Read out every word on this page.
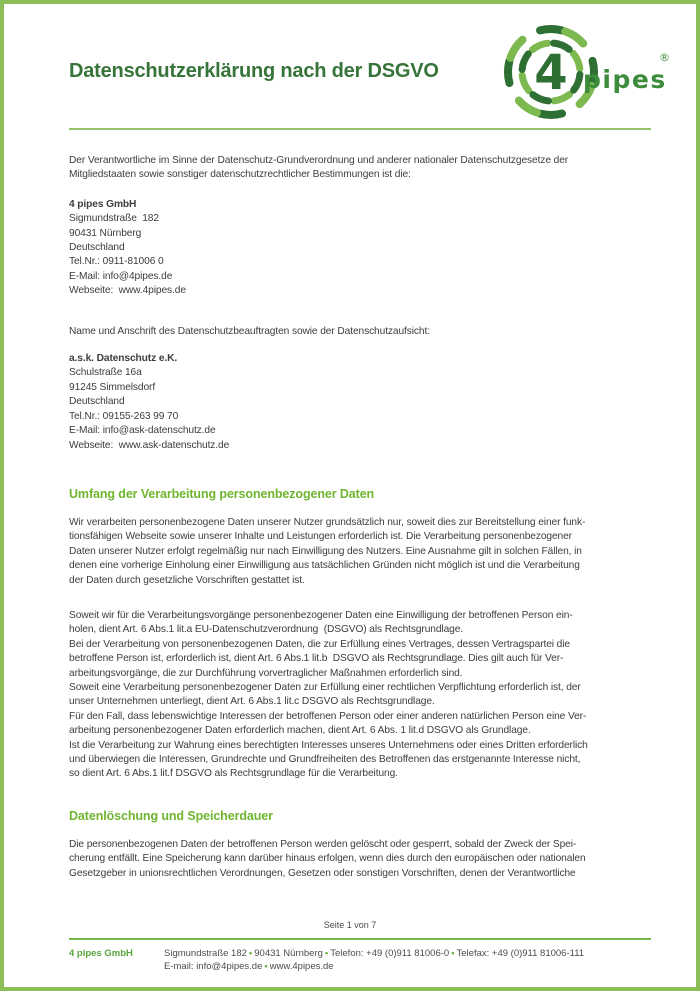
Datenschutzerklärung nach der DSGVO	4 pipes
®
Der Verantwortliche im Sinne der Datenschutz-Grundverordnung und anderer nationaler Datenschutzgesetze der
Mitgliedstaaten sowie sonstiger datenschutzrechtlicher Bestimmungen ist die:
4 pipes GmbH
Sigmundstraße  182
90431 Nürnberg
Deutschland
Tel.Nr.: 0911-81006 0
E-Mail: info@4pipes.de
Webseite:  www.4pipes.de
Name und Anschrift des Datenschutzbeauftragten sowie der Datenschutzaufsicht:
a.s.k. Datenschutz e.K.
Schulstraße 16a
91245 Simmelsdorf
Deutschland
Tel.Nr.: 09155-263 99 70
E-Mail: info@ask-datenschutz.de
Webseite:  www.ask-datenschutz.de
Umfang der Verarbeitung personenbezogener Daten
Wir verarbeiten personenbezogene Daten unserer Nutzer grundsätzlich nur, soweit dies zur Bereitstellung einer funk-
tionsfähigen Webseite sowie unserer Inhalte und Leistungen erforderlich ist. Die Verarbeitung personenbezogener
Daten unserer Nutzer erfolgt regelmäßig nur nach Einwilligung des Nutzers. Eine Ausnahme gilt in solchen Fällen, in
denen eine vorherige Einholung einer Einwilligung aus tatsächlichen Gründen nicht möglich ist und die Verarbeitung
der Daten durch gesetzliche Vorschriften gestattet ist.
Soweit wir für die Verarbeitungsvorgänge personenbezogener Daten eine Einwilligung der betroffenen Person ein-
holen, dient Art. 6 Abs.1 lit.a EU-Datenschutzverordnung  (DSGVO) als Rechtsgrundlage.
Bei der Verarbeitung von personenbezogenen Daten, die zur Erfüllung eines Vertrages, dessen Vertragspartei die
betroffene Person ist, erforderlich ist, dient Art. 6 Abs.1 lit.b  DSGVO als Rechtsgrundlage. Dies gilt auch für Ver-
arbeitungsvorgänge, die zur Durchführung vorvertraglicher Maßnahmen erforderlich sind.
Soweit eine Verarbeitung personenbezogener Daten zur Erfüllung einer rechtlichen Verpflichtung erforderlich ist, der
unser Unternehmen unterliegt, dient Art. 6 Abs.1 lit.c DSGVO als Rechtsgrundlage.
Für den Fall, dass lebenswichtige Interessen der betroffenen Person oder einer anderen natürlichen Person eine Ver-
arbeitung personenbezogener Daten erforderlich machen, dient Art. 6 Abs. 1 lit.d DSGVO als Grundlage.
Ist die Verarbeitung zur Wahrung eines berechtigten Interesses unseres Unternehmens oder eines Dritten erforderlich
und überwiegen die Interessen, Grundrechte und Grundfreiheiten des Betroffenen das erstgenannte Interesse nicht,
so dient Art. 6 Abs.1 lit.f DSGVO als Rechtsgrundlage für die Verarbeitung.
Datenlöschung und Speicherdauer
Die personenbezogenen Daten der betroffenen Person werden gelöscht oder gesperrt, sobald der Zweck der Spei-
cherung entfällt. Eine Speicherung kann darüber hinaus erfolgen, wenn dies durch den europäischen oder nationalen
Gesetzgeber in unionsrechtlichen Verordnungen, Gesetzen oder sonstigen Vorschriften, denen der Verantwortliche
Seite 1 von 7
4 pipes GmbH	Sigmundstraße 182 • 90431 Nürnberg • Telefon: +49 (0)911 81006-0 • Telefax: +49 (0)911 81006-111
E-mail: info@4pipes.de • www.4pipes.de
